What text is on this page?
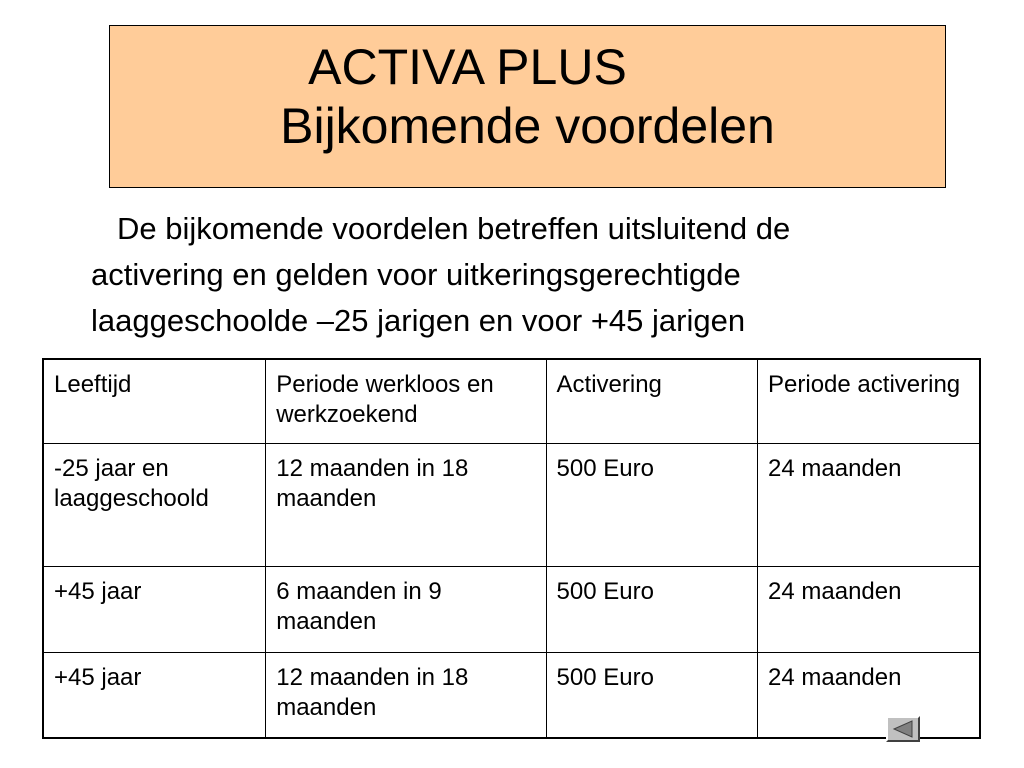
ACTIVA PLUS
Bijkomende voordelen
De bijkomende voordelen betreffen uitsluitend de
activering en gelden voor uitkeringsgerechtigde
laaggeschoolde –25 jarigen en voor +45 jarigen
Leeftijd	Periode werkloos en werkzoekend	Activering	Periode activering
-25 jaar en laaggeschoold	12 maanden in 18 maanden	500 Euro	24 maanden
+45 jaar	6 maanden in 9 maanden	500 Euro	24 maanden
+45 jaar	12 maanden in 18 maanden	500 Euro	24 maanden
